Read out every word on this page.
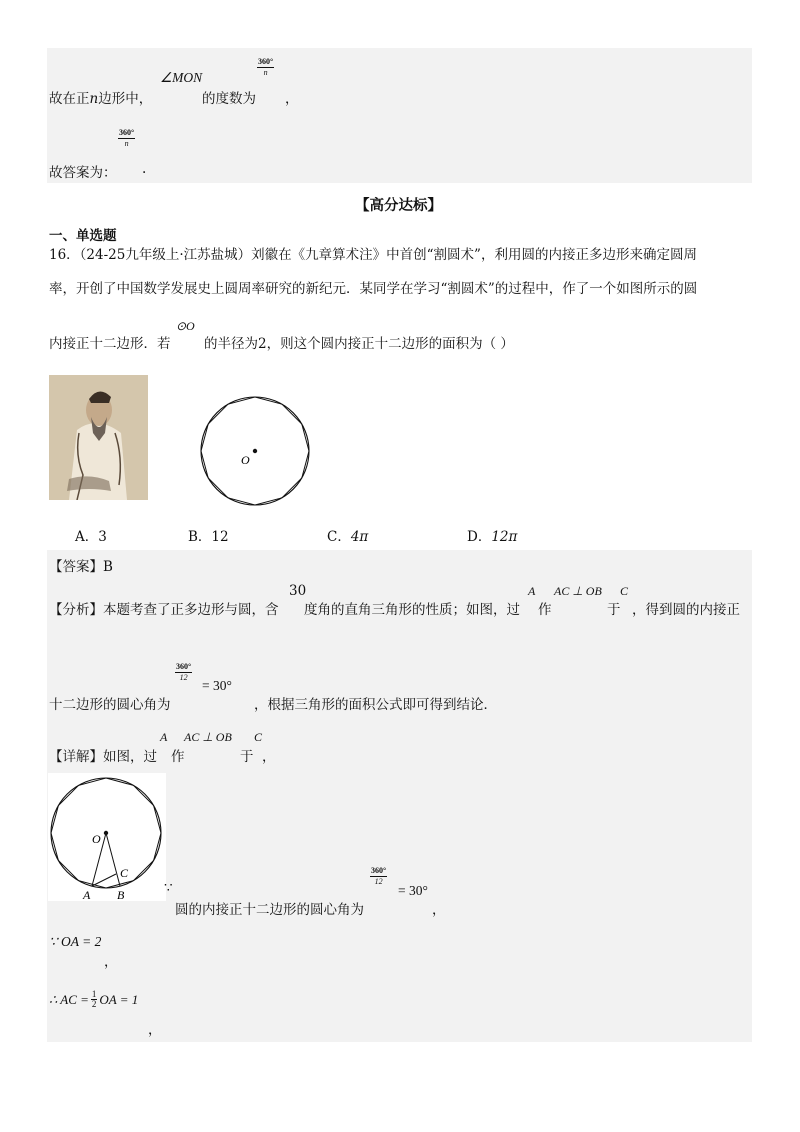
故在正n边形中，
∠MON
的度数为
$\frac{360^\circ}{n}$
，
故答案为：
$\frac{360^\circ}{n}$
.
【高分达标】
一、单选题
16．（24-25九年级上·江苏盐城）刘徽在《九章算术注》中首创“割圆术”，利用圆的内接正多边形来确定圆周
率，开创了中国数学发展史上圆周率研究的新纪元．某同学在学习“割圆术”的过程中，作了一个如图所示的圆
内接正十二边形．若
⊙O
的半径为2，则这个圆内接正十二边形的面积为（ ）
O
A．3	B．12	C．4π	D．12π
【答案】B
【分析】本题考查了正多边形与圆，含
30
度角的直角三角形的性质；如图，过
A
作
AC ⊥ OB C
于 ，得到圆的内接正
十二边形的圆心角为
$\frac{360^\circ}{12}$
= 30°
，根据三角形的面积公式即可得到结论．
【详解】如图，过
A
作
AC ⊥ OB C
于 ，
O
A B
C
∵
圆的内接正十二边形的圆心角为
$\frac{360^\circ}{12}$
= 30°
，
∵ OA = 2
，
∴ AC = $\frac{1}{2}$ OA = 1
，
